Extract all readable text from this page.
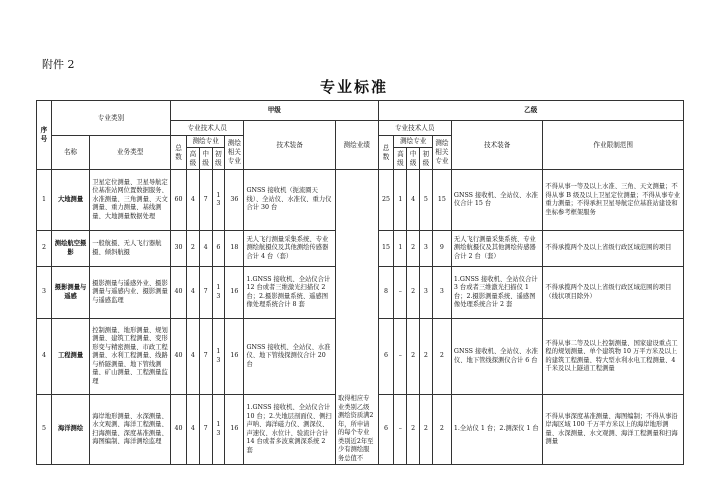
附件 2
专业标准
序号	专业类别		甲级							乙级						
			专业技术人员					技术装备	测绘业绩	专业技术人员					技术装备	作业限制范围
	名称	业务类型	总数	测绘专业			测绘相关专业			总数	测绘专业			测绘相关专业		
				高级	中级	初级					高级	中级	初级			
1	大地测量	卫星定位测量、卫星导航定位基准站网位置数据服务、水准测量、三角测量、天文测量、重力测量、基线测量、大地测量数据处理	60	4	7	13	36	GNSS 接收机（扼流圈天线）、全站仪、水准仪、重力仪合计 30 台	取得相应专业类别乙级测绘资质满2年，所申请的每个专业类别近2年至少有测绘服务总值不	25	1	4	5	15	GNSS 接收机、全站仪、水准仪合计 15 台	不得从事一等及以上水准、三角、天文测量；不得从事 B 级及以上卫星定位测量；不得从事专业重力测量；不得承担卫星导航定位基准站建设和坐标参考框架服务
2	测绘航空摄影	一般航摄、无人飞行器航摄、倾斜航摄	30	2	4	6	18	无人飞行测量采集系统、专业测绘航摄仪及其他测绘传感器合计 4 台（套）		15	1	2	3	9	无人飞行测量采集系统、专业测绘航摄仪及其他测绘传感器合计 2 台（套）	不得承揽两个及以上省级行政区域范围的项目
3	摄影测量与遥感	摄影测量与遥感外业、摄影测量与遥感内业、摄影测量与遥感监理	40	4	7	13	16	1.GNSS 接收机、全站仪合计 12 台或者三维激光扫描仪 2 台；2.摄影测量系统、遥感图像处理系统合计 8 套		8	–	2	3	3	1.GNSS 接收机、全站仪合计 3 台或者三维激光扫描仪 1 台；2.摄影测量系统、遥感图像处理系统合计 2 套	不得承揽两个及以上省级行政区域范围的项目（线状项目除外）
4	工程测量	控制测量、地形测量、规划测量、建筑工程测量、变形形变与精密测量、市政工程测量、水利工程测量、线路与桥隧测量、地下管线测量、矿山测量、工程测量监理	40	4	7	13	16	GNSS 接收机、全站仪、水准仪、地下管线探测仪合计 20 台		6	–	2	2	2	GNSS 接收机、全站仪、水准仪、地下管线探测仪合计 6 台	不得从事二等及以上控制测量、国家建设重点工程的规划测量、单个建筑物 10 万平方米及以上的建筑工程测量、特大型水利水电工程测量、4 千米及以上隧道工程测量
5	海洋测绘	海岸地形测量、水深测量、水文观测、海洋工程测量、扫海测量、深度基准测量、海图编制、海洋测绘监理	40	4	7	13	16	1.GNSS 接收机、全站仪合计 10 台；2.失地层剖面仪、侧扫声呐、海洋磁力仪、测深仪、声速仪、水位计、验流计合计 14 台或者多波束测深系统 2 套		6	–	2	2	2	1.全站仪 1 台；2.测深仪 1 台	不得从事深度基准测量、海图编制；不得从事沿岸海区域 100 千万平方米以上的海岸地形测量、水深测量、水文观测、海洋工程测量和扫海测量
